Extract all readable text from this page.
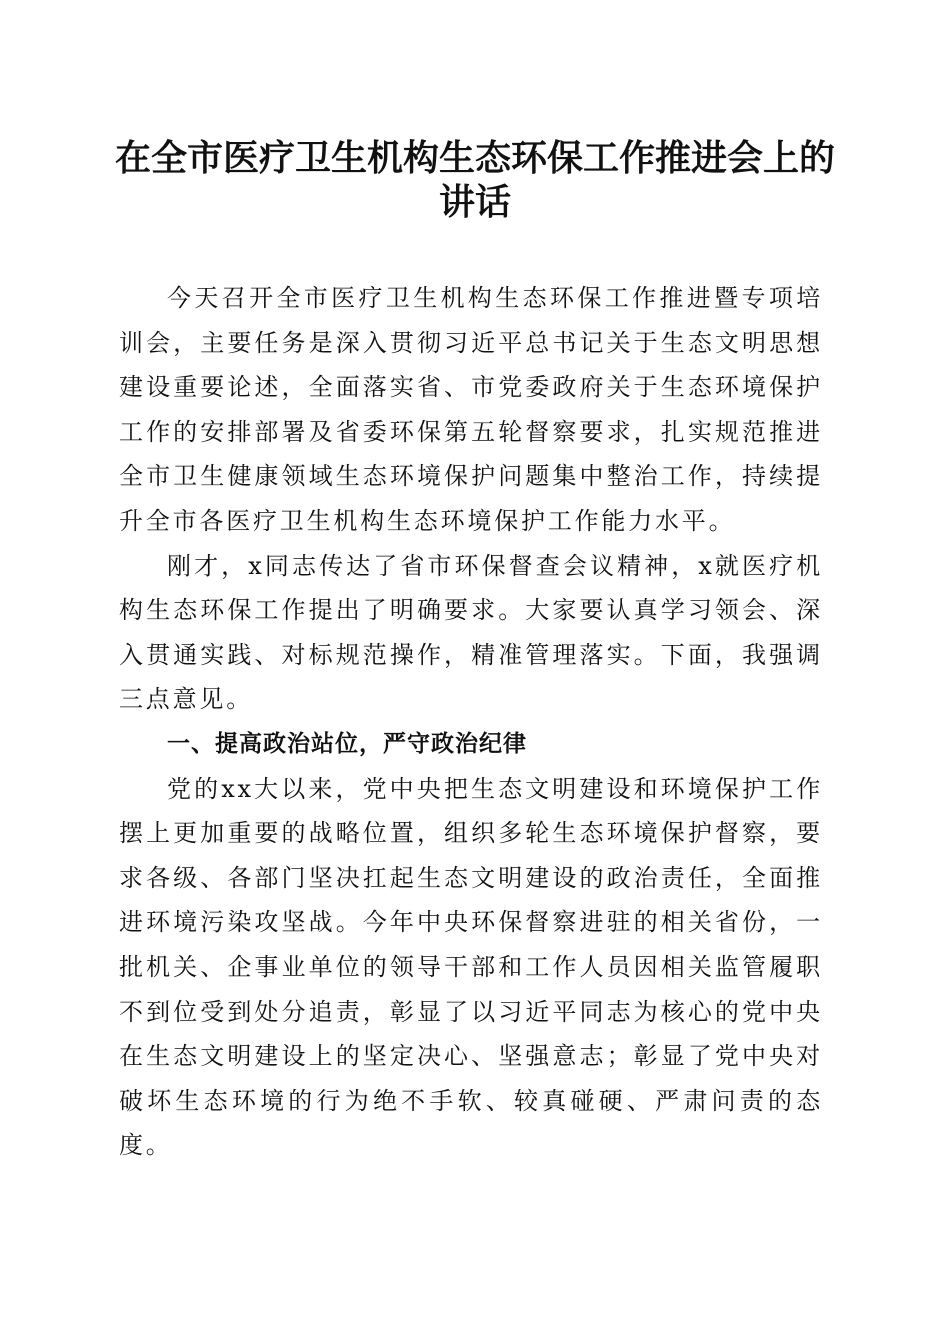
在全市医疗卫生机构生态环保工作推进会上的
讲话

今天召开全市医疗卫生机构生态环保工作推进暨专项培训会，主要任务是深入贯彻习近平总书记关于生态文明思想建设重要论述，全面落实省、市党委政府关于生态环境保护工作的安排部署及省委环保第五轮督察要求，扎实规范推进全市卫生健康领域生态环境保护问题集中整治工作，持续提升全市各医疗卫生机构生态环境保护工作能力水平。

刚才，x同志传达了省市环保督查会议精神，x就医疗机构生态环保工作提出了明确要求。大家要认真学习领会、深入贯通实践、对标规范操作，精准管理落实。下面，我强调三点意见。

一、提高政治站位，严守政治纪律

党的xx大以来，党中央把生态文明建设和环境保护工作摆上更加重要的战略位置，组织多轮生态环境保护督察，要求各级、各部门坚决扛起生态文明建设的政治责任，全面推进环境污染攻坚战。今年中央环保督察进驻的相关省份，一批机关、企事业单位的领导干部和工作人员因相关监管履职不到位受到处分追责，彰显了以习近平同志为核心的党中央在生态文明建设上的坚定决心、坚强意志；彰显了党中央对破坏生态环境的行为绝不手软、较真碰硬、严肃问责的态度。
